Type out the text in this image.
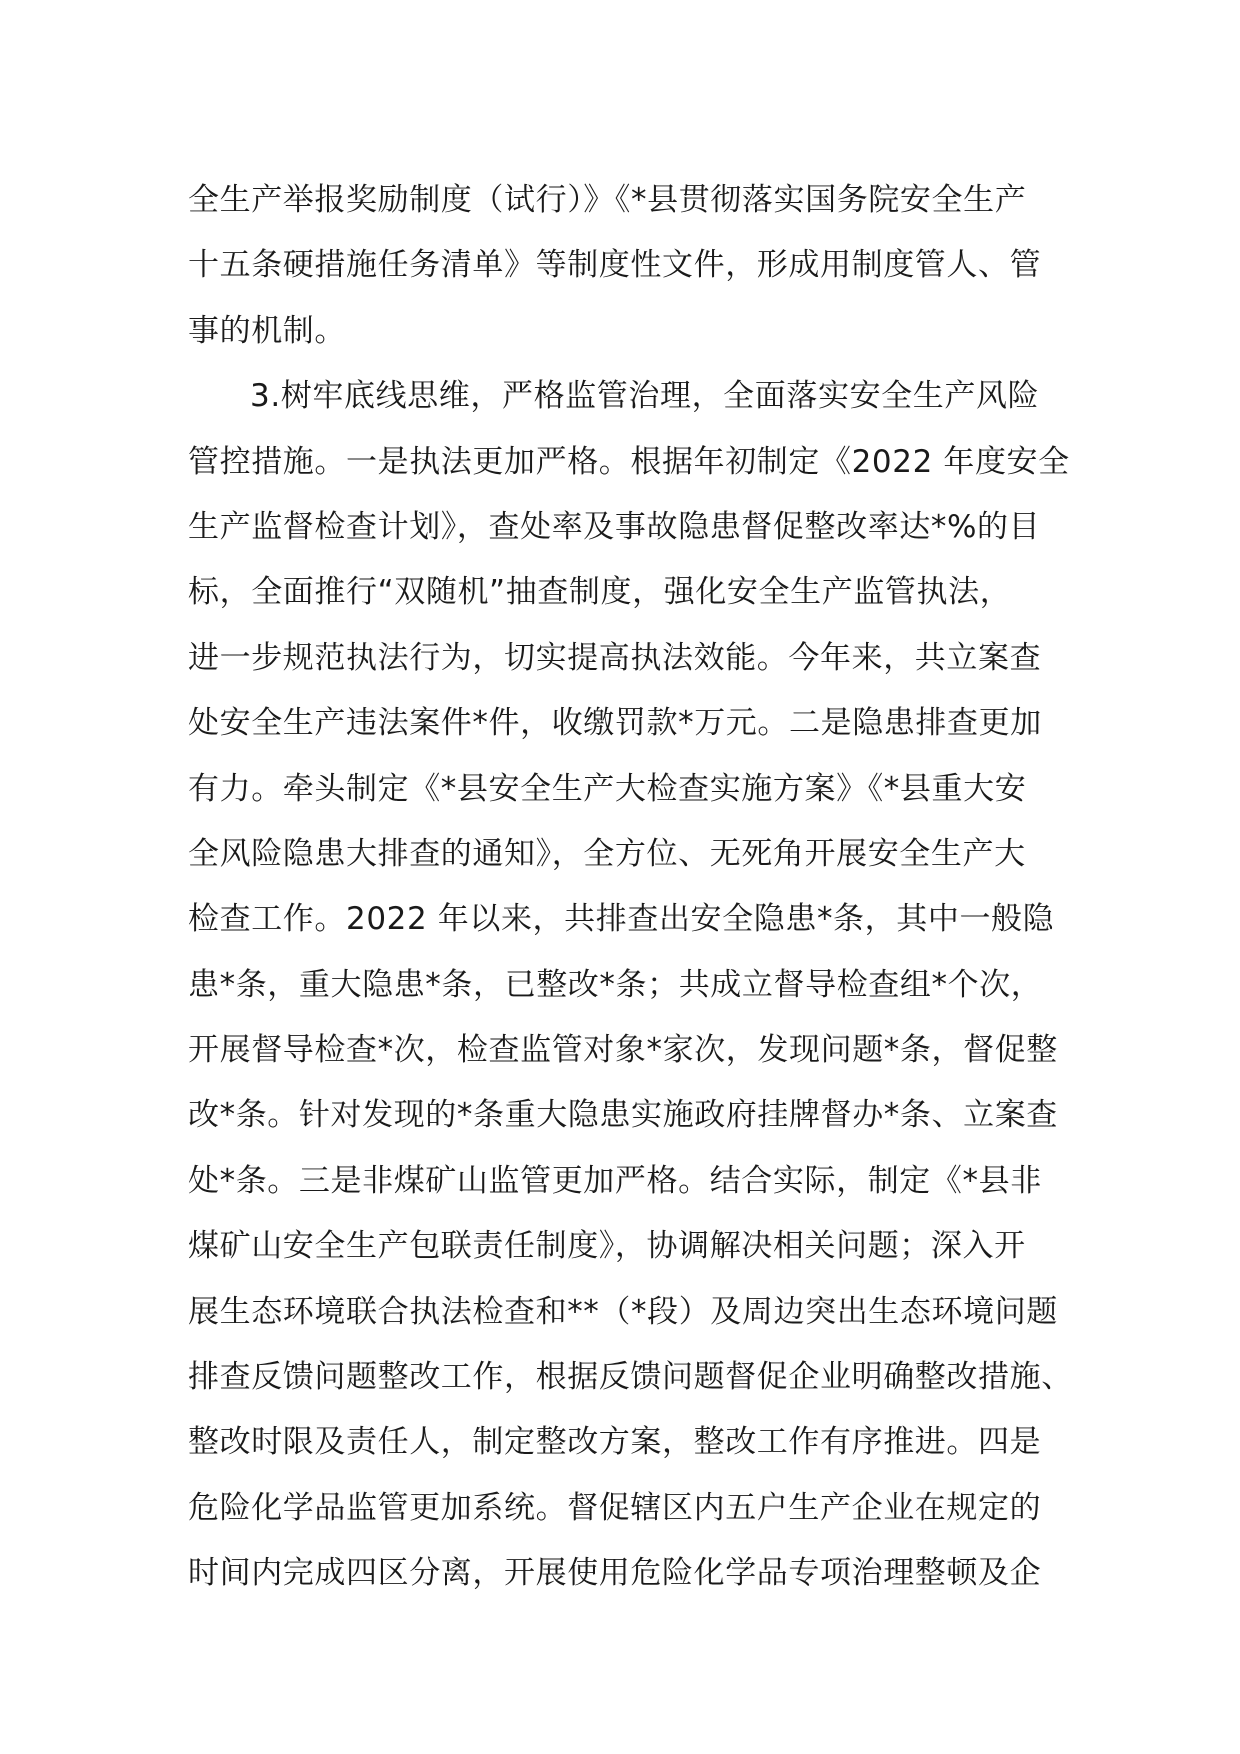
全生产举报奖励制度（试行）》《*县贯彻落实国务院安全生产
十五条硬措施任务清单》等制度性文件，形成用制度管人、管
事的机制。
3.树牢底线思维，严格监管治理，全面落实安全生产风险
管控措施。一是执法更加严格。根据年初制定《2022 年度安全
生产监督检查计划》，查处率及事故隐患督促整改率达*%的目
标，全面推行“双随机”抽查制度，强化安全生产监管执法，
进一步规范执法行为，切实提高执法效能。今年来，共立案查
处安全生产违法案件*件，收缴罚款*万元。二是隐患排查更加
有力。牵头制定《*县安全生产大检查实施方案》《*县重大安
全风险隐患大排查的通知》，全方位、无死角开展安全生产大
检查工作。2022 年以来，共排查出安全隐患*条，其中一般隐
患*条，重大隐患*条，已整改*条；共成立督导检查组*个次，
开展督导检查*次，检查监管对象*家次，发现问题*条，督促整
改*条。针对发现的*条重大隐患实施政府挂牌督办*条、立案查
处*条。三是非煤矿山监管更加严格。结合实际，制定《*县非
煤矿山安全生产包联责任制度》，协调解决相关问题；深入开
展生态环境联合执法检查和**（*段）及周边突出生态环境问题
排查反馈问题整改工作，根据反馈问题督促企业明确整改措施、
整改时限及责任人，制定整改方案，整改工作有序推进。四是
危险化学品监管更加系统。督促辖区内五户生产企业在规定的
时间内完成四区分离，开展使用危险化学品专项治理整顿及企
